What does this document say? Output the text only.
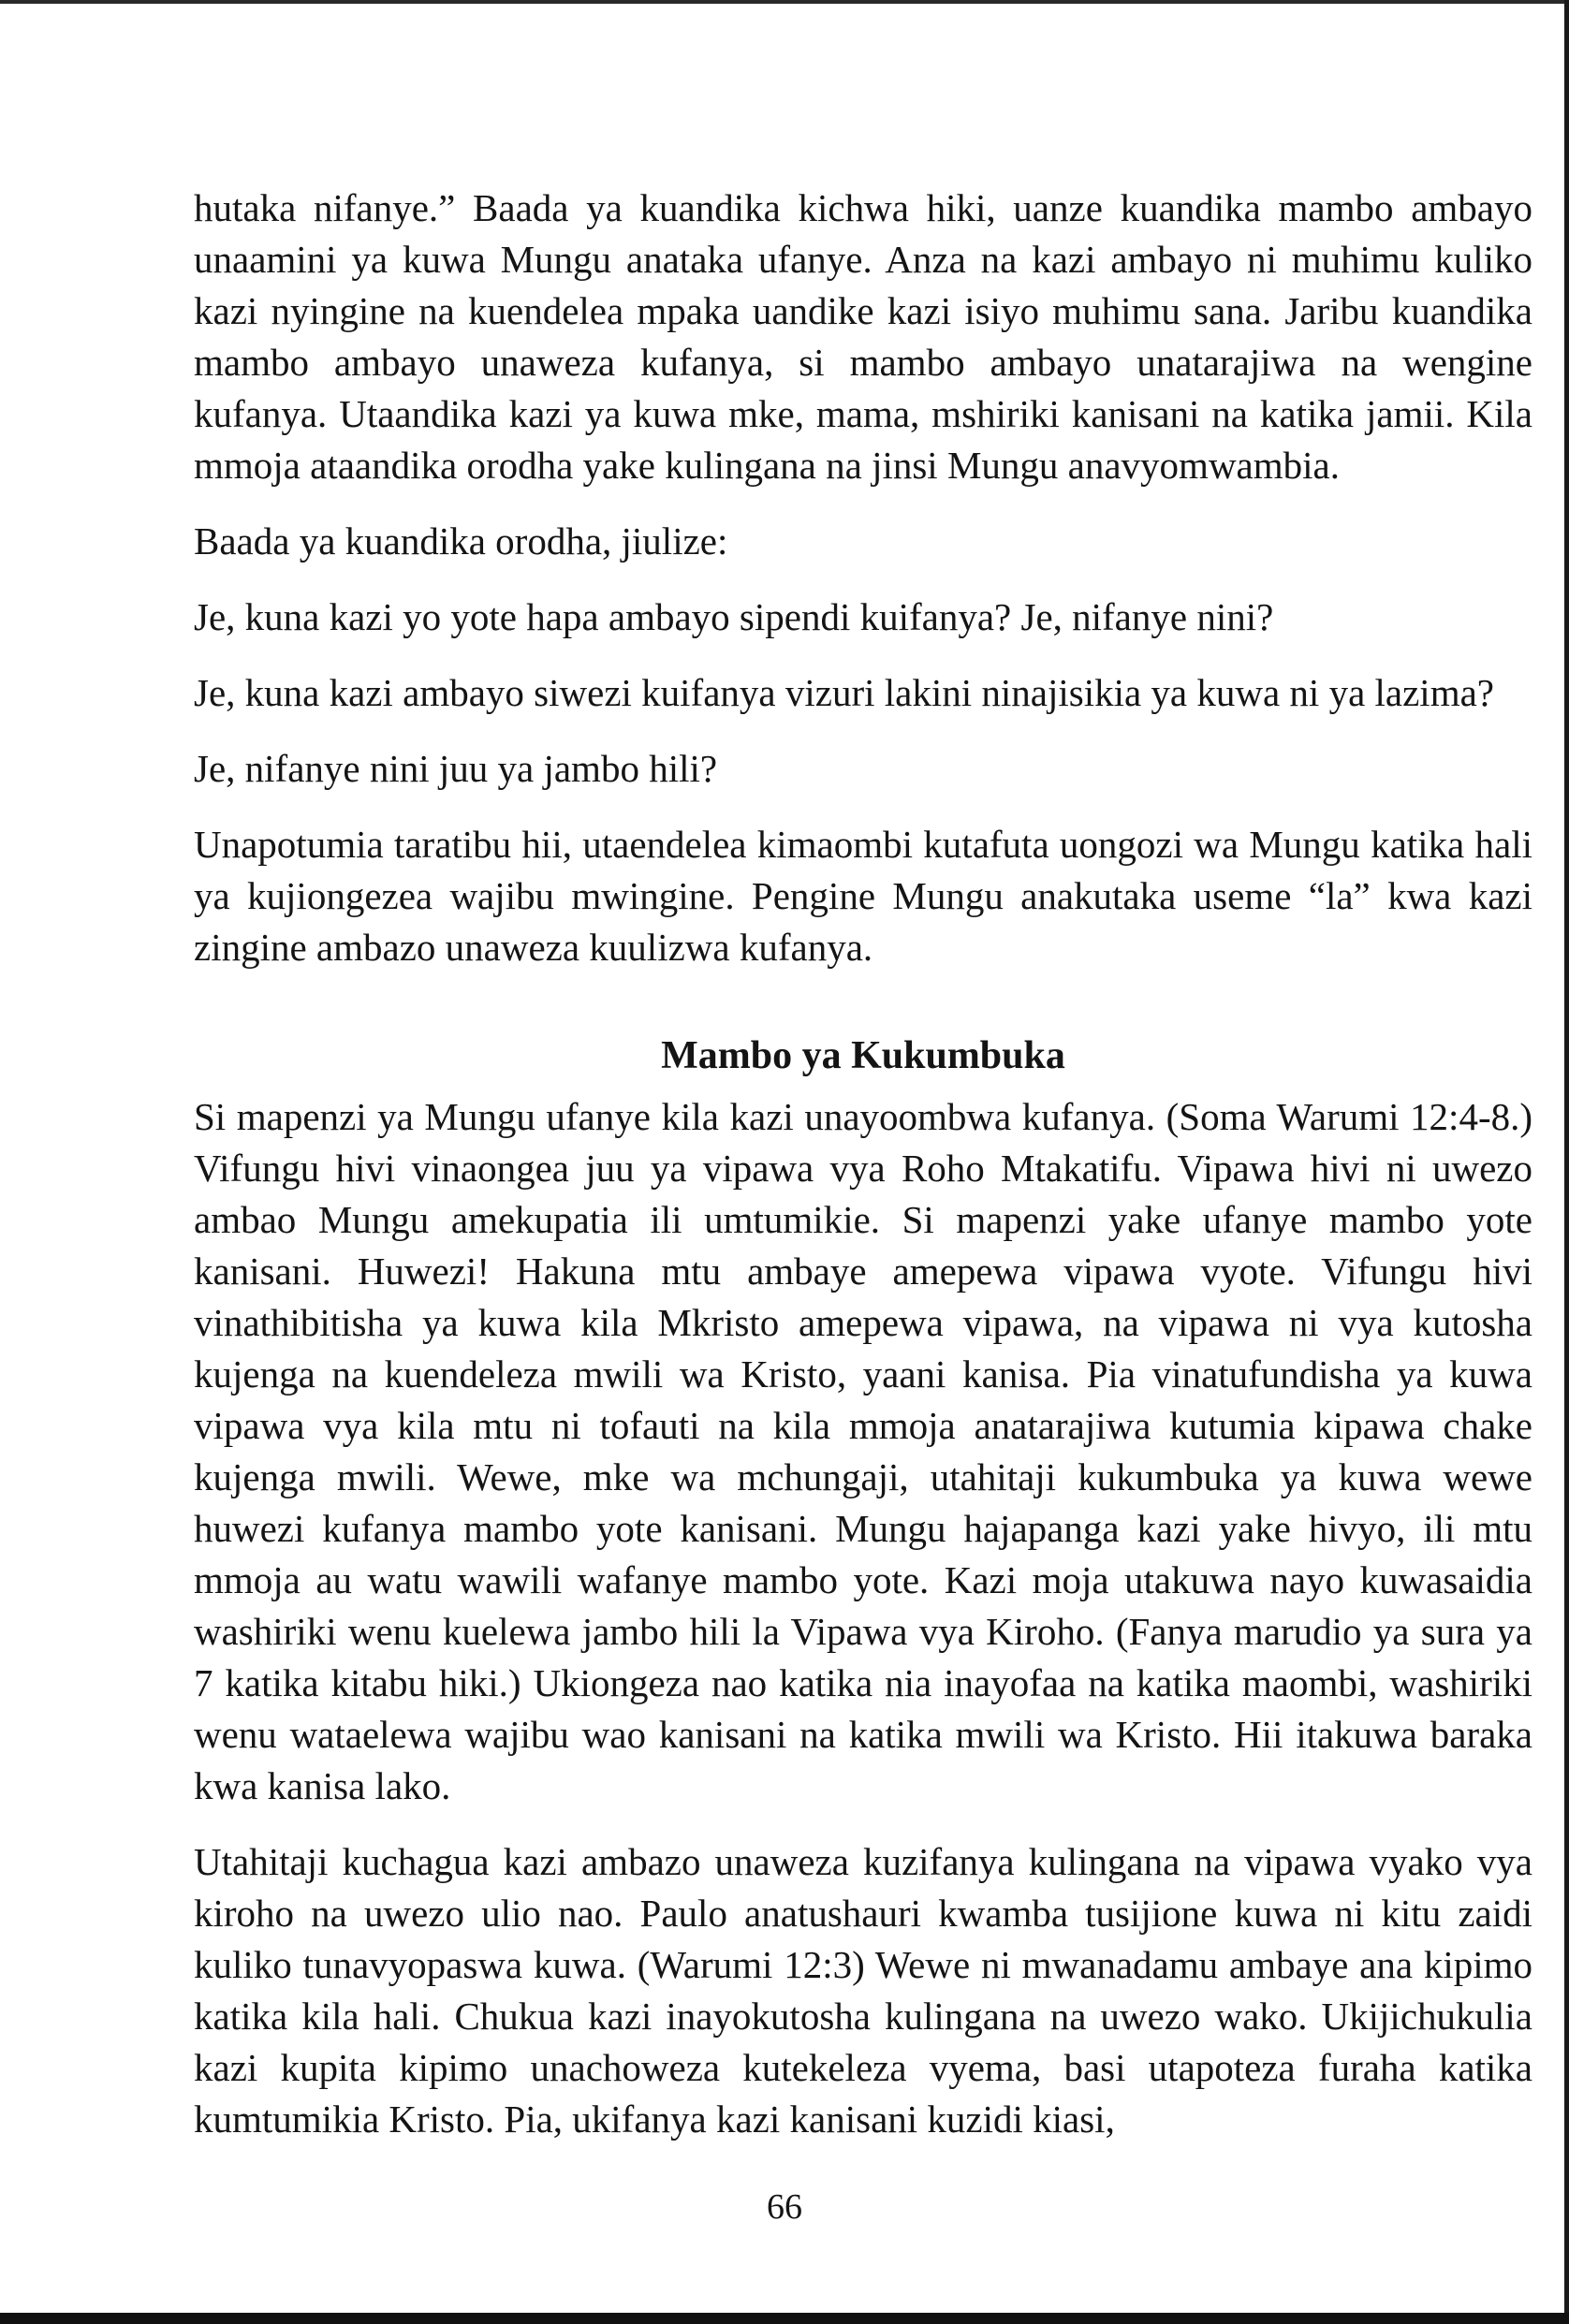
hutaka nifanye.” Baada ya kuandika kichwa hiki, uanze kuandika mambo ambayo unaamini ya kuwa Mungu anataka ufanye. Anza na kazi ambayo ni muhimu kuliko kazi nyingine na kuendelea mpaka uandike kazi isiyo muhimu sana. Jaribu kuandika mambo ambayo unaweza kufanya, si mambo ambayo unatarajiwa na wengine kufanya. Utaandika kazi ya kuwa mke, mama, mshiriki kanisani na katika jamii. Kila mmoja ataandika orodha yake kulingana na jinsi Mungu anavyomwambia.

Baada ya kuandika orodha, jiulize:

Je, kuna kazi yo yote hapa ambayo sipendi kuifanya? Je, nifanye nini?

Je, kuna kazi ambayo siwezi kuifanya vizuri lakini ninajisikia ya kuwa ni ya lazima?

Je, nifanye nini juu ya jambo hili?

Unapotumia taratibu hii, utaendelea kimaombi kutafuta uongozi wa Mungu katika hali ya kujiongezea wajibu mwingine. Pengine Mungu anakutaka useme “la” kwa kazi zingine ambazo unaweza kuulizwa kufanya.

Mambo ya Kukumbuka

Si mapenzi ya Mungu ufanye kila kazi unayoombwa kufanya. (Soma Warumi 12:4-8.) Vifungu hivi vinaongea juu ya vipawa vya Roho Mtakatifu. Vipawa hivi ni uwezo ambao Mungu amekupatia ili umtumikie. Si mapenzi yake ufanye mambo yote kanisani. Huwezi! Hakuna mtu ambaye amepewa vipawa vyote. Vifungu hivi vinathibitisha ya kuwa kila Mkristo amepewa vipawa, na vipawa ni vya kutosha kujenga na kuendeleza mwili wa Kristo, yaani kanisa. Pia vinatufundisha ya kuwa vipawa vya kila mtu ni tofauti na kila mmoja anatarajiwa kutumia kipawa chake kujenga mwili. Wewe, mke wa mchungaji, utahitaji kukumbuka ya kuwa wewe huwezi kufanya mambo yote kanisani. Mungu hajapanga kazi yake hivyo, ili mtu mmoja au watu wawili wafanye mambo yote. Kazi moja utakuwa nayo kuwasaidia washiriki wenu kuelewa jambo hili la Vipawa vya Kiroho. (Fanya marudio ya sura ya 7 katika kitabu hiki.) Ukiongeza nao katika nia inayofaa na katika maombi, washiriki wenu wataelewa wajibu wao kanisani na katika mwili wa Kristo. Hii itakuwa baraka kwa kanisa lako.

Utahitaji kuchagua kazi ambazo unaweza kuzifanya kulingana na vipawa vyako vya kiroho na uwezo ulio nao. Paulo anatushauri kwamba tusijione kuwa ni kitu zaidi kuliko tunavyopaswa kuwa. (Warumi 12:3) Wewe ni mwanadamu ambaye ana kipimo katika kila hali. Chukua kazi inayokutosha kulingana na uwezo wako. Ukijichukulia kazi kupita kipimo unachoweza kutekeleza vyema, basi utapoteza furaha katika kumtumikia Kristo. Pia, ukifanya kazi kanisani kuzidi kiasi,

66
